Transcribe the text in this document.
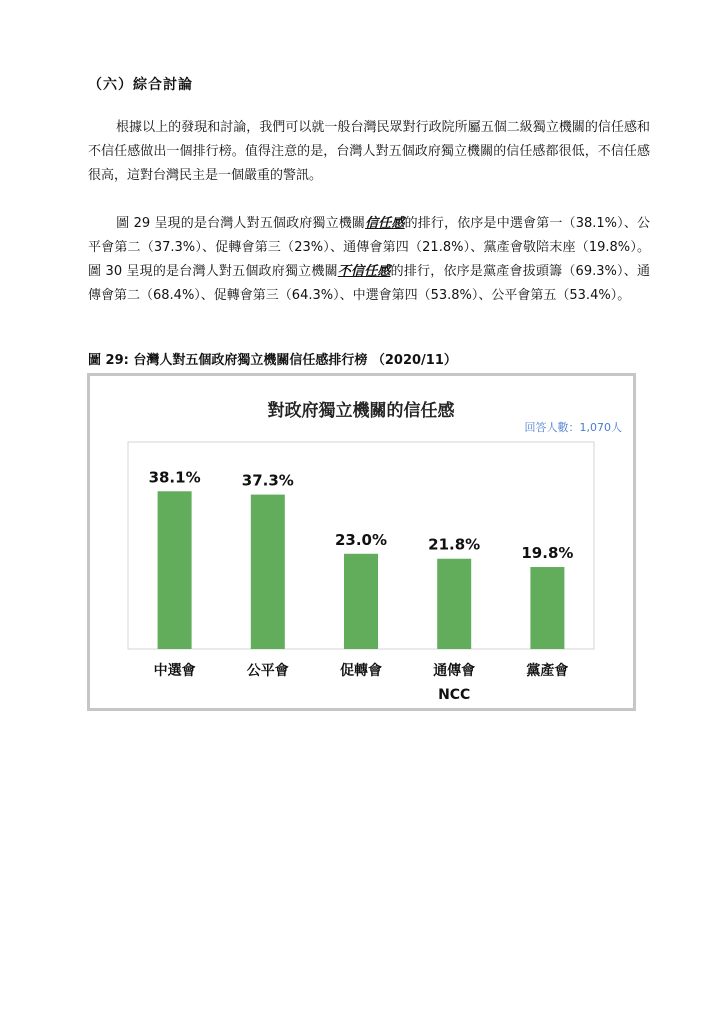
（六）綜合討論

根據以上的發現和討論，我們可以就一般台灣民眾對行政院所屬五個二級獨立機關的信任感和不信任感做出一個排行榜。值得注意的是，台灣人對五個政府獨立機關的信任感都很低，不信任感很高，這對台灣民主是一個嚴重的警訊。

圖 29 呈現的是台灣人對五個政府獨立機關信任感的排行，依序是中選會第一（38.1%）、公平會第二（37.3%）、促轉會第三（23%）、通傳會第四（21.8%）、黨產會敬陪末座（19.8%）。圖 30 呈現的是台灣人對五個政府獨立機關不信任感的排行，依序是黨產會拔頭籌（69.3%）、通傳會第二（68.4%）、促轉會第三（64.3%）、中選會第四（53.8%）、公平會第五（53.4%）。

圖 29: 台灣人對五個政府獨立機關信任感排行榜 （2020/11）
對政府獨立機關的信任感
回答人數：1,070人
38.1%
中選會
37.3%
公平會
23.0%
促轉會
21.8%
通傳會
NCC
19.8%
黨產會
